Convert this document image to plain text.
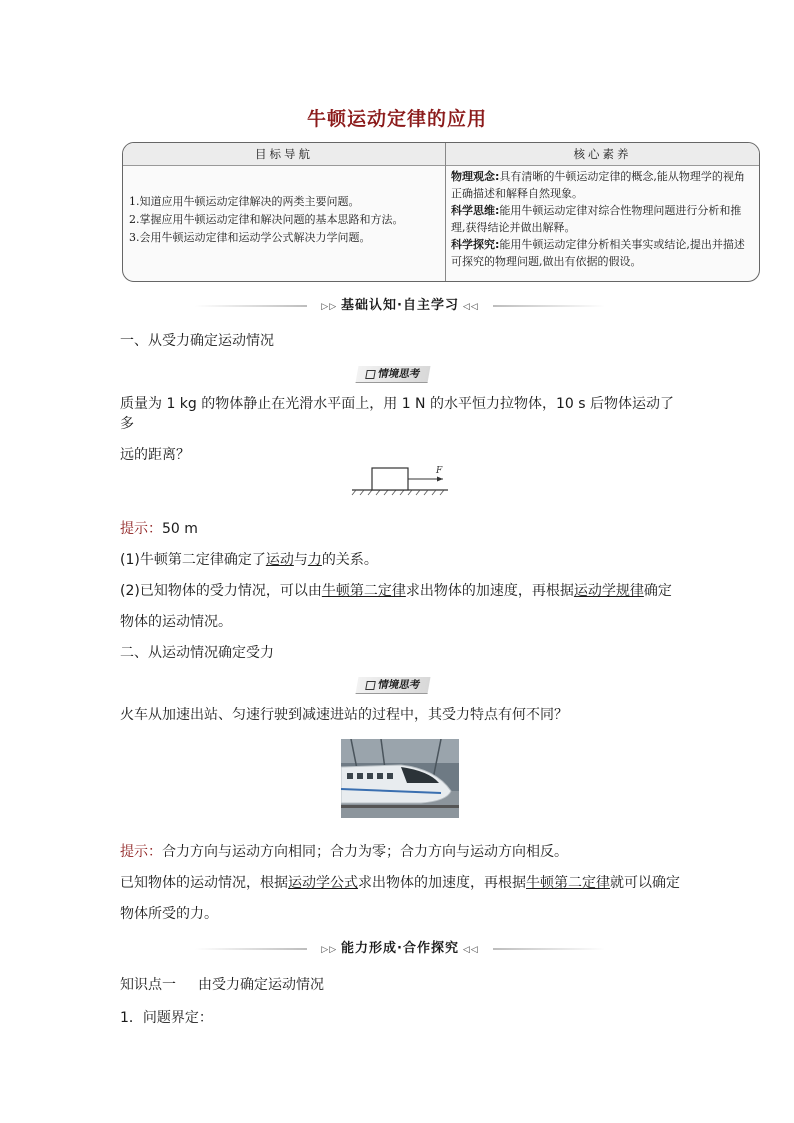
牛顿运动定律的应用
目标导航	核心素养
1.知道应用牛顿运动定律解决的两类主要问题。
2.掌握应用牛顿运动定律和解决问题的基本思路和方法。
3.会用牛顿运动定律和运动学公式解决力学问题。
物理观念:具有清晰的牛顿运动定律的概念,能从物理学的视角正确描述和解释自然现象。
科学思维:能用牛顿运动定律对综合性物理问题进行分析和推理,获得结论并做出解释。
科学探究:能用牛顿运动定律分析相关事实或结论,提出并描述可探究的物理问题,做出有依据的假设。
▷▷ 基础认知·自主学习 ◁◁
一、从受力确定运动情况
情境思考
质量为 1 kg 的物体静止在光滑水平面上，用 1 N 的水平恒力拉物体，10 s 后物体运动了多
远的距离？
F
提示：50 m
(1)牛顿第二定律确定了运动与力的关系。
(2)已知物体的受力情况，可以由牛顿第二定律求出物体的加速度，再根据运动学规律确定
物体的运动情况。
二、从运动情况确定受力
情境思考
火车从加速出站、匀速行驶到减速进站的过程中，其受力特点有何不同？
提示：合力方向与运动方向相同；合力为零；合力方向与运动方向相反。
已知物体的运动情况，根据运动学公式求出物体的加速度，再根据牛顿第二定律就可以确定
物体所受的力。
▷▷ 能力形成·合作探究 ◁◁
知识点一 由受力确定运动情况
1．问题界定：
